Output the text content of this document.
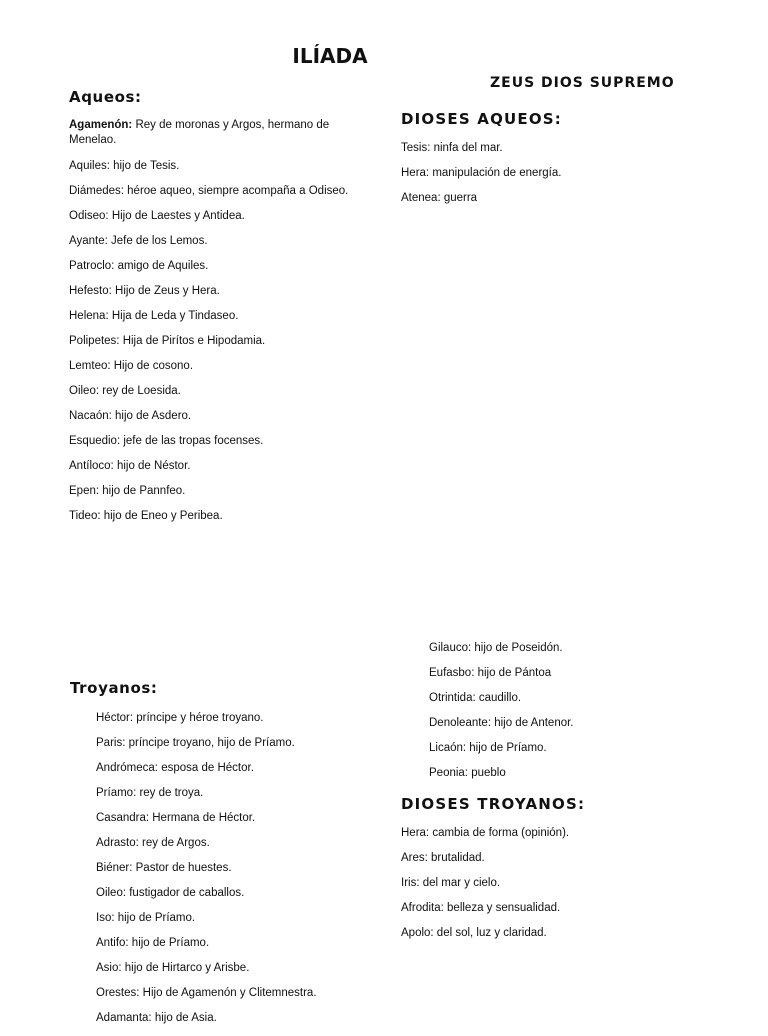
ILÍADA
ZEUS DIOS SUPREMO
Aqueos:
Agamenón: Rey de moronas y Argos, hermano de Menelao.
Aquiles: hijo de Tesis.
Diámedes: héroe aqueo, siempre acompaña a Odiseo.
Odiseo: Hijo de Laestes y Antidea.
Ayante: Jefe de los Lemos.
Patroclo: amigo de Aquiles.
Hefesto: Hijo de Zeus y Hera.
Helena: Hija de Leda y Tindaseo.
Polipetes: Hija de Pirítos e Hipodamia.
Lemteo: Hijo de cosono.
Oileo: rey de Loesida.
Nacaón: hijo de Asdero.
Esquedio: jefe de las tropas focenses.
Antíloco: hijo de Néstor.
Epen: hijo de Pannfeo.
Tideo: hijo de Eneo y Peribea.
DIOSES AQUEOS:
Tesis: ninfa del mar.
Hera: manipulación de energía.
Atenea: guerra
Gilauco: hijo de Poseidón.
Eufasbo: hijo de Pántoa
Otrintida: caudillo.
Denoleante: hijo de Antenor.
Licaón: hijo de Príamo.
Peonia: pueblo
Troyanos:
Héctor: príncipe y héroe troyano.
Paris: príncipe troyano, hijo de Príamo.
Andrómeca: esposa de Héctor.
Príamo: rey de troya.
Casandra: Hermana de Héctor.
Adrasto: rey de Argos.
Biéner: Pastor de huestes.
Oileo: fustigador de caballos.
Iso: hijo de Príamo.
Antifo: hijo de Príamo.
Asio: hijo de Hirtarco y Arisbe.
Orestes: Hijo de Agamenón y Clitemnestra.
Adamanta: hijo de Asia.
DIOSES TROYANOS:
Hera: cambia de forma (opinión).
Ares: brutalidad.
Iris: del mar y cielo.
Afrodita: belleza y sensualidad.
Apolo: del sol, luz y claridad.
